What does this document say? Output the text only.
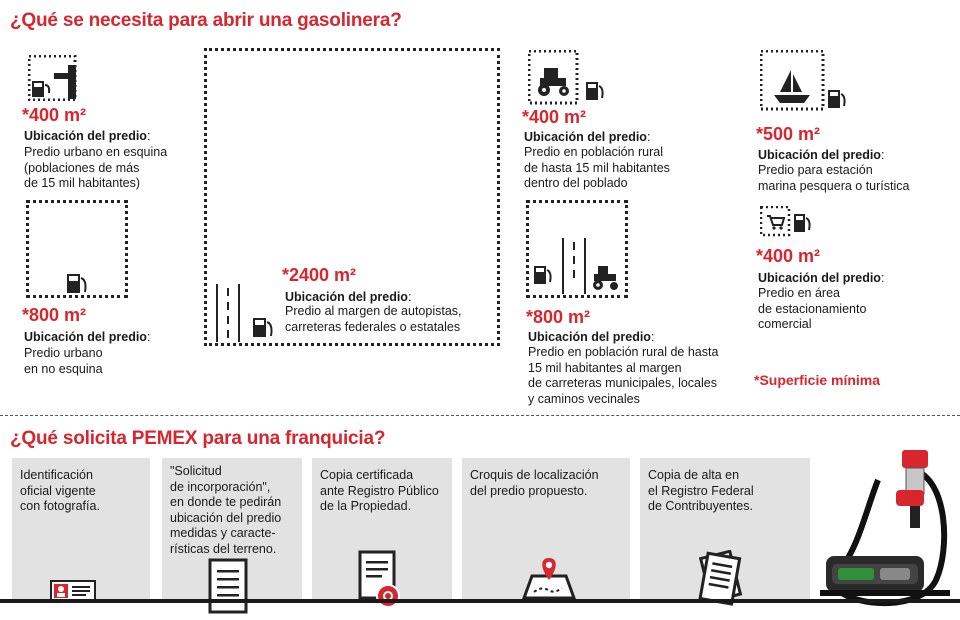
¿Qué se necesita para abrir una gasolinera?
*400 m²
Ubicación del predio:
Predio urbano en esquina
(poblaciones de más
de 15 mil habitantes)
*800 m²
Ubicación del predio:
Predio urbano
en no esquina
*2400 m²
Ubicación del predio:
Predio al margen de autopistas,
carreteras federales o estatales
*400 m²
Ubicación del predio:
Predio en población rural
de hasta 15 mil habitantes
dentro del poblado
*800 m²
Ubicación del predio:
Predio en población rural de hasta
15 mil habitantes al margen
de carreteras municipales, locales
y caminos vecinales
*500 m²
Ubicación del predio:
Predio para estación
marina pesquera o turística
*400 m²
Ubicación del predio:
Predio en área
de estacionamiento
comercial
*Superficie mínima
¿Qué solicita PEMEX para una franquicia?
Identificación
oficial vigente
con fotografía.
"Solicitud
de incorporación",
en donde te pedirán
ubicación del predio
medidas y caracte-
rísticas del terreno.
Copia certificada
ante Registro Público
de la Propiedad.
Croquis de localización
del predio propuesto.
Copia de alta en
el Registro Federal
de Contribuyentes.
